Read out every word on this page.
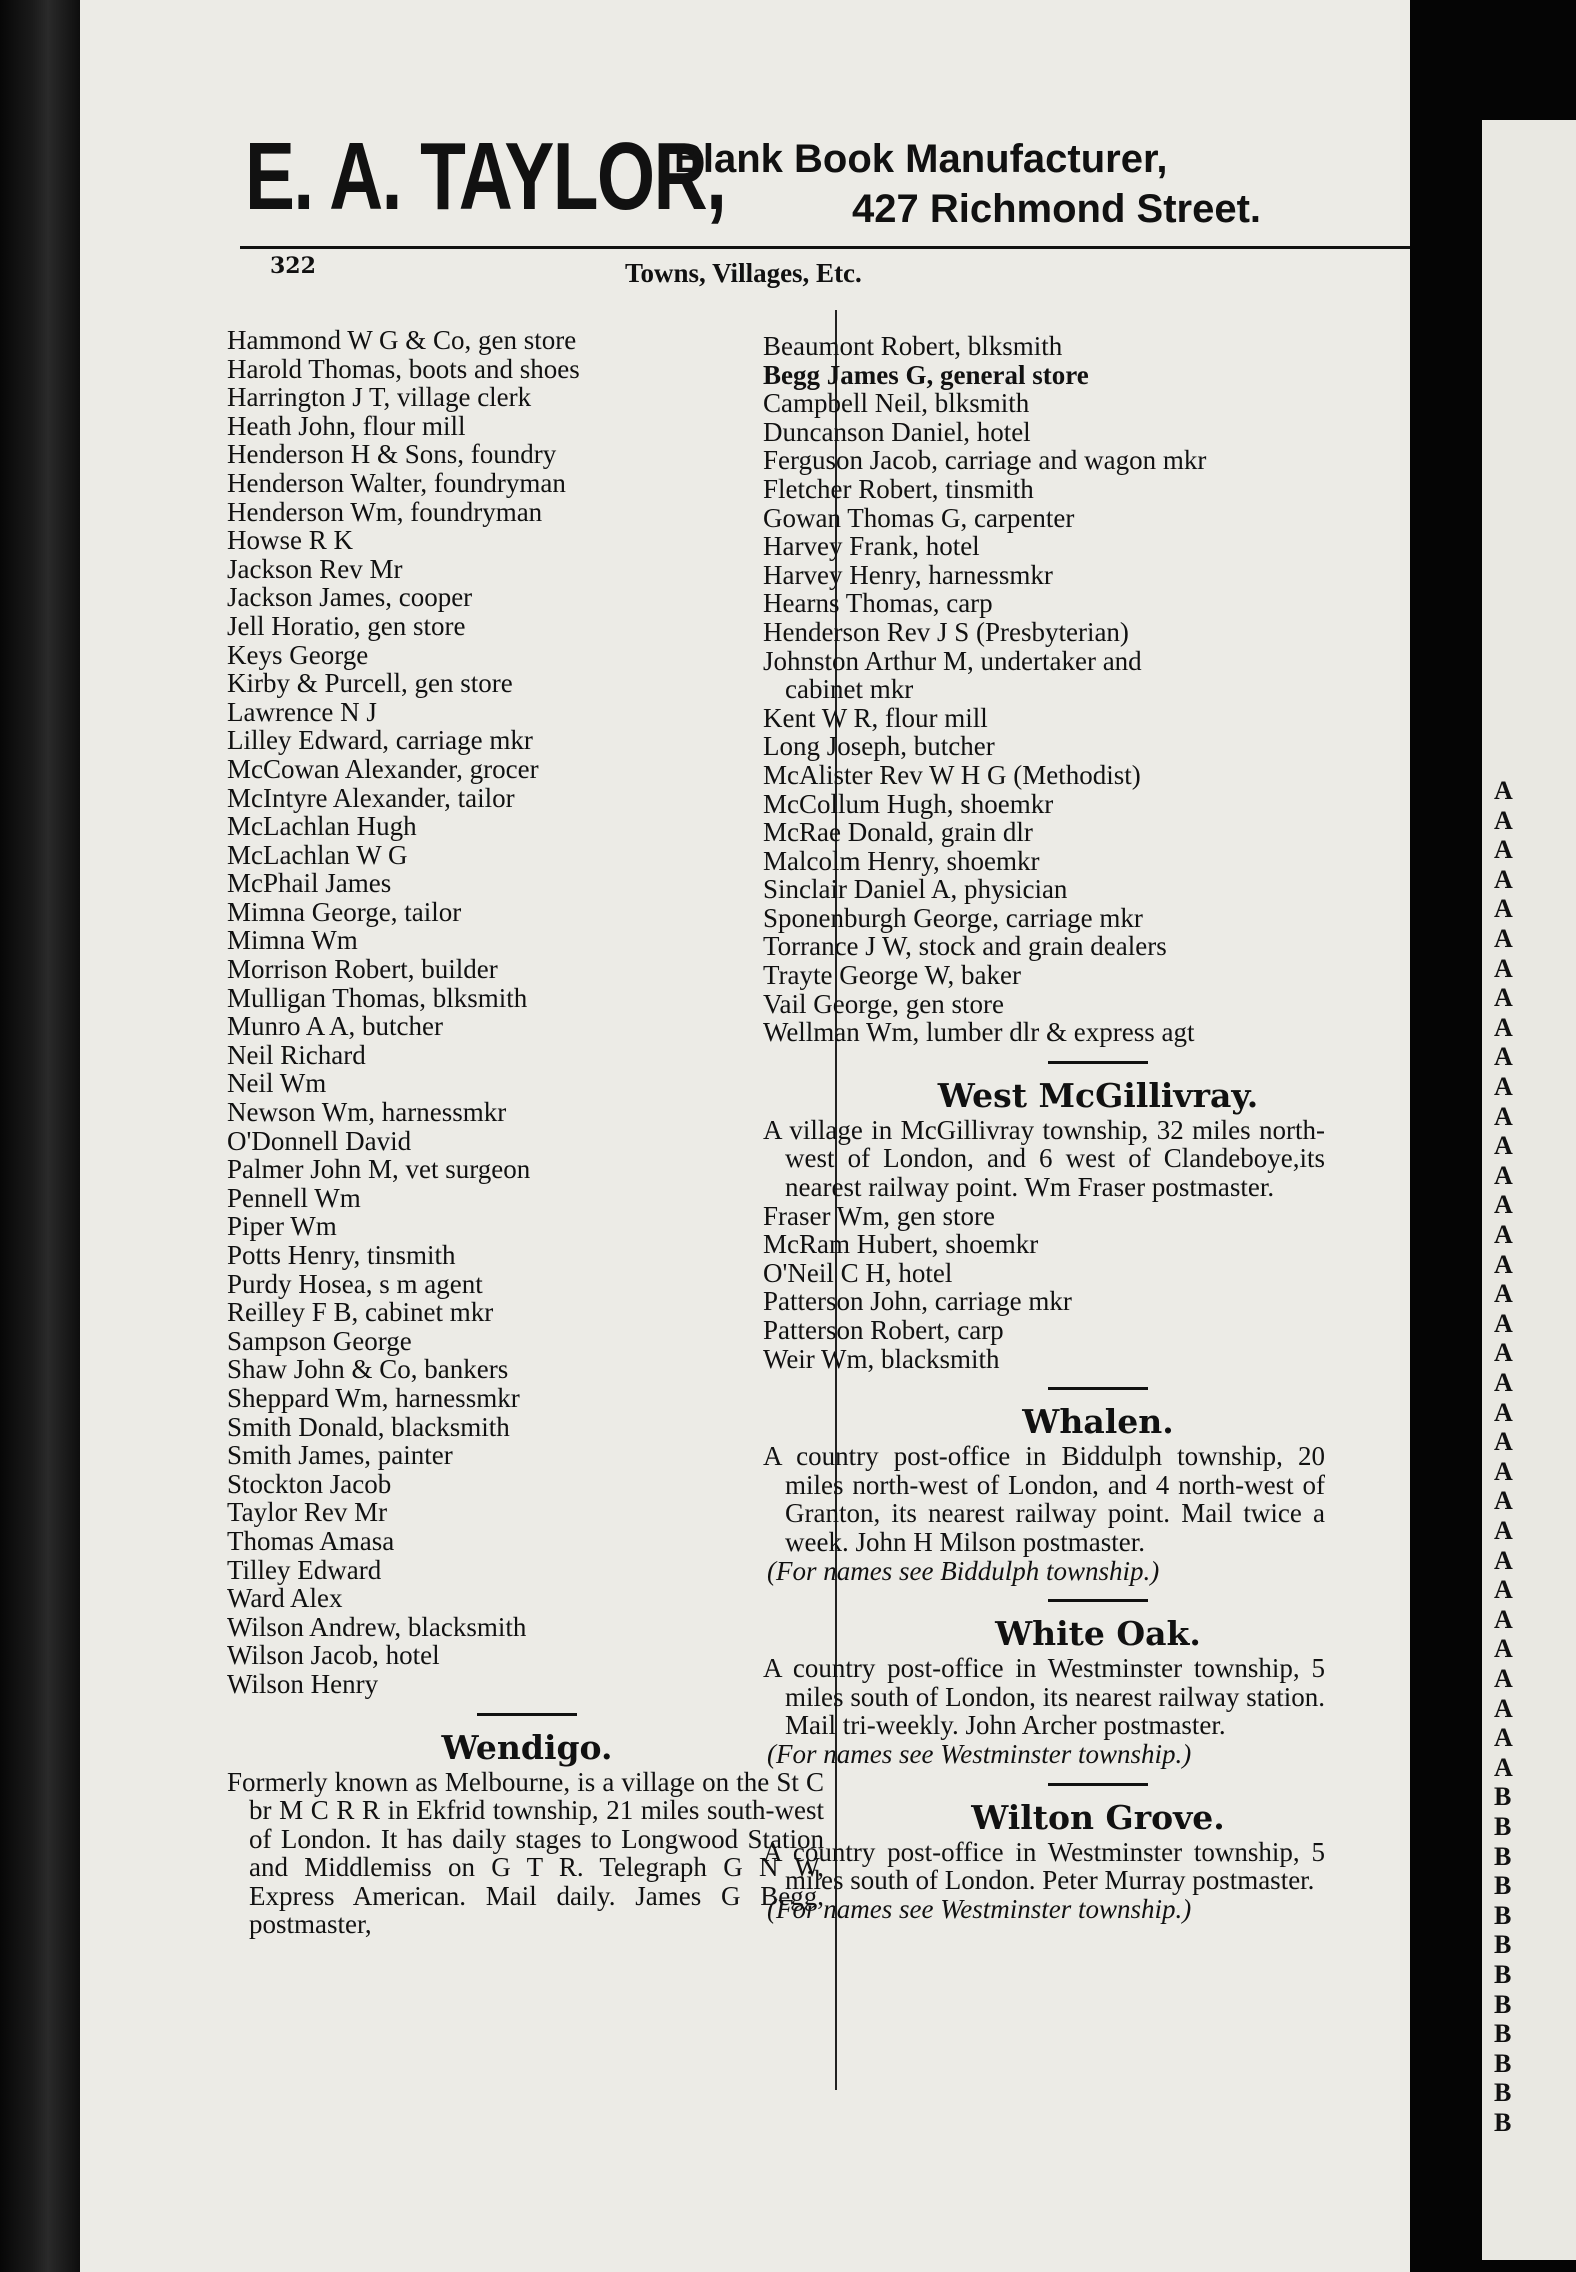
E. A. TAYLOR,
Blank Book Manufacturer,
427 Richmond Street.
322	Towns, Villages, Etc.
Hammond W G & Co, gen store
Harold Thomas, boots and shoes
Harrington J T, village clerk
Heath John, flour mill
Henderson H & Sons, foundry
Henderson Walter, foundryman
Henderson Wm, foundryman
Howse R K
Jackson Rev Mr
Jackson James, cooper
Jell Horatio, gen store
Keys George
Kirby & Purcell, gen store
Lawrence N J
Lilley Edward, carriage mkr
McCowan Alexander, grocer
McIntyre Alexander, tailor
McLachlan Hugh
McLachlan W G
McPhail James
Mimna George, tailor
Mimna Wm
Morrison Robert, builder
Mulligan Thomas, blksmith
Munro A A, butcher
Neil Richard
Neil Wm
Newson Wm, harnessmkr
O'Donnell David
Palmer John M, vet surgeon
Pennell Wm
Piper Wm
Potts Henry, tinsmith
Purdy Hosea, s m agent
Reilley F B, cabinet mkr
Sampson George
Shaw John & Co, bankers
Sheppard Wm, harnessmkr
Smith Donald, blacksmith
Smith James, painter
Stockton Jacob
Taylor Rev Mr
Thomas Amasa
Tilley Edward
Ward Alex
Wilson Andrew, blacksmith
Wilson Jacob, hotel
Wilson Henry
Wendigo.
Formerly known as Melbourne, is a village on the St C br M C R R in Ekfrid township, 21 miles south-west of London. It has daily stages to Longwood Station and Middlemiss on G T R. Telegraph G N W, Express American. Mail daily. James G Begg, postmaster,
Beaumont Robert, blksmith
Begg James G, general store
Campbell Neil, blksmith
Duncanson Daniel, hotel
Ferguson Jacob, carriage and wagon mkr
Fletcher Robert, tinsmith
Gowan Thomas G, carpenter
Harvey Frank, hotel
Harvey Henry, harnessmkr
Hearns Thomas, carp
Henderson Rev J S (Presbyterian)
Johnston Arthur M, undertaker and
cabinet mkr
Kent W R, flour mill
Long Joseph, butcher
McAlister Rev W H G (Methodist)
McCollum Hugh, shoemkr
McRae Donald, grain dlr
Malcolm Henry, shoemkr
Sinclair Daniel A, physician
Sponenburgh George, carriage mkr
Torrance J W, stock and grain dealers
Trayte George W, baker
Vail George, gen store
Wellman Wm, lumber dlr & express agt
West McGillivray.
A village in McGillivray township, 32 miles north-west of London, and 6 west of Clandeboye,its nearest railway point. Wm Fraser postmaster.
Fraser Wm, gen store
McRam Hubert, shoemkr
O'Neil C H, hotel
Patterson John, carriage mkr
Patterson Robert, carp
Weir Wm, blacksmith
Whalen.
A country post-office in Biddulph township, 20 miles north-west of London, and 4 north-west of Granton, its nearest railway point. Mail twice a week. John H Milson postmaster.
(For names see Biddulph township.)
White Oak.
A country post-office in Westminster township, 5 miles south of London, its nearest railway station. Mail tri-weekly. John Archer postmaster.
(For names see Westminster township.)
Wilton Grove.
A country post-office in Westminster township, 5 miles south of London. Peter Murray postmaster.
(For names see Westminster township.)
A
A
A
A
A
A
A
A
A
A
A
A
A
A
A
A
A
A
A
A
A
A
A
A
A
A
A
A
A
A
A
A
A
A
B
B
B
B
B
B
B
B
B
B
B
B
